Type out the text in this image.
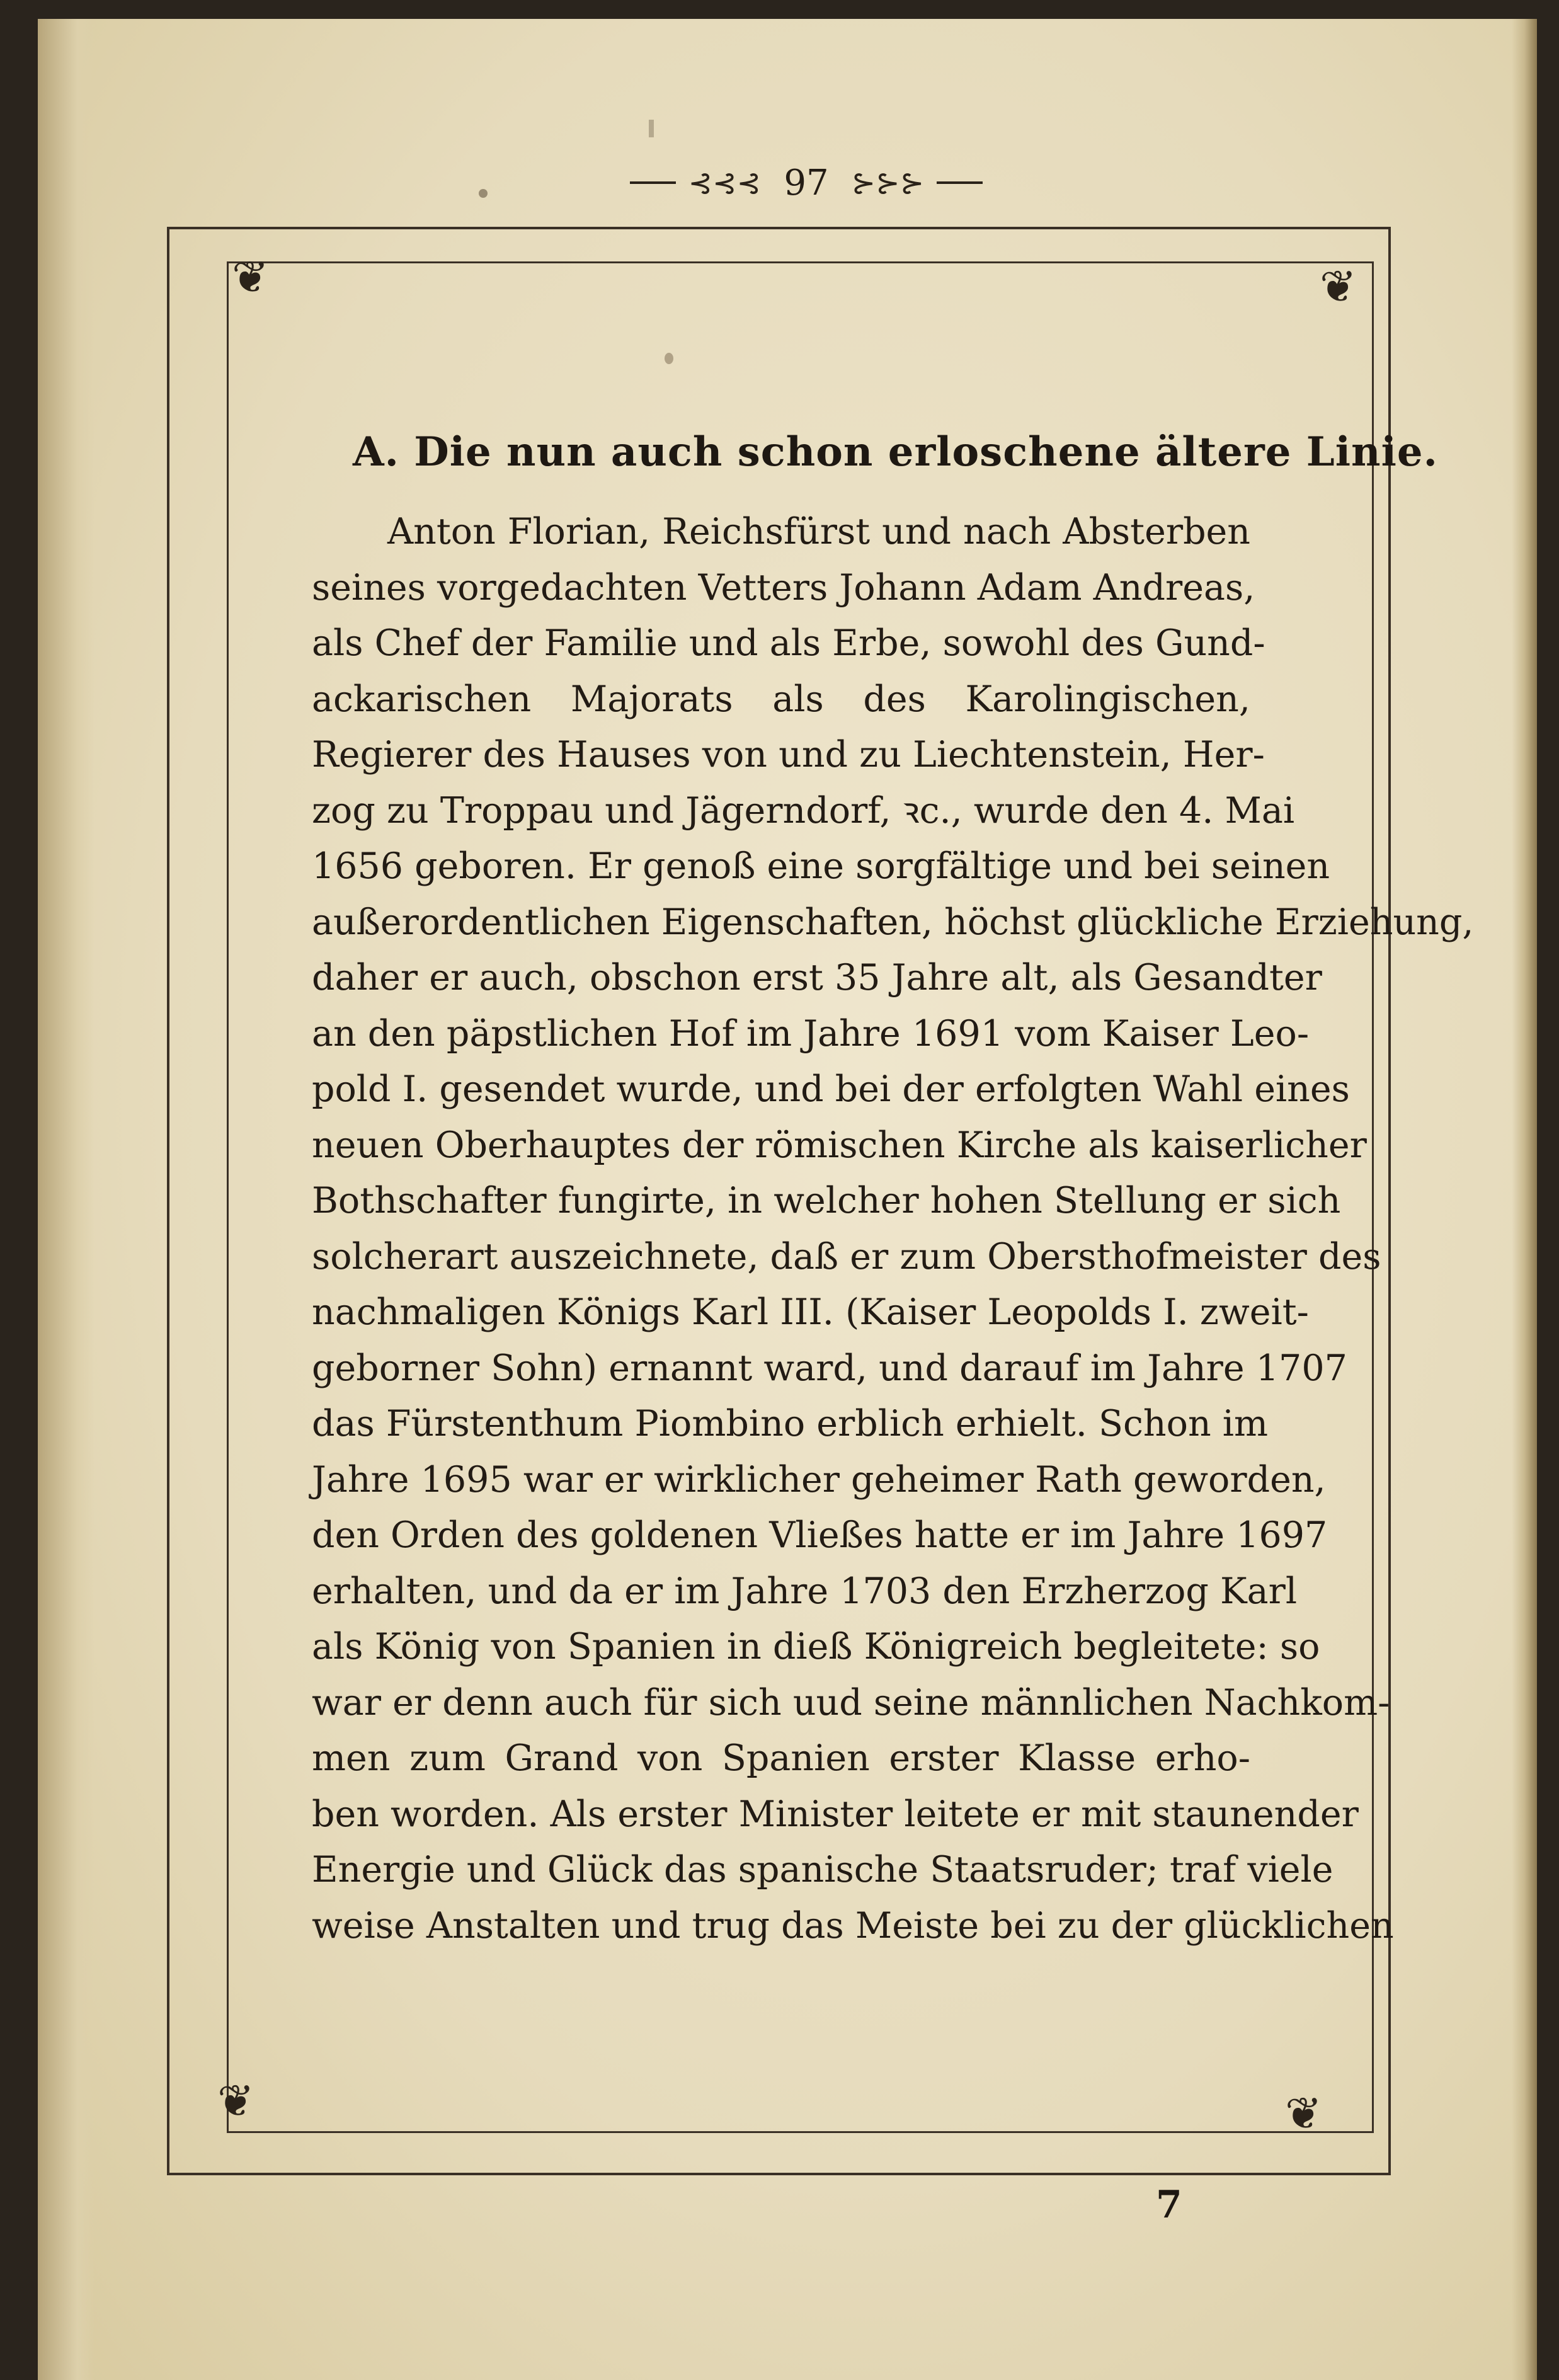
⊰⊰⊰ 97 ⊱⊱⊱
❦	❦
❦	❦
A. Die nun auch schon erloschene ältere Linie.
Anton Florian, Reichsfürst und nach Absterben
seines vorgedachten Vetters Johann Adam Andreas,
als Chef der Familie und als Erbe, sowohl des Gund-
ackarischen Majorats als des Karolingischen,
Regierer des Hauses von und zu Liechtenstein, Her-
zog zu Troppau und Jägerndorf, ꝛc., wurde den 4. Mai
1656 geboren. Er genoß eine sorgfältige und bei seinen
außerordentlichen Eigenschaften, höchst glückliche Erziehung,
daher er auch, obschon erst 35 Jahre alt, als Gesandter
an den päpstlichen Hof im Jahre 1691 vom Kaiser Leo-
pold I. gesendet wurde, und bei der erfolgten Wahl eines
neuen Oberhauptes der römischen Kirche als kaiserlicher
Bothschafter fungirte, in welcher hohen Stellung er sich
solcherart auszeichnete, daß er zum Obersthofmeister des
nachmaligen Königs Karl III. (Kaiser Leopolds I. zweit-
geborner Sohn) ernannt ward, und darauf im Jahre 1707
das Fürstenthum Piombino erblich erhielt. Schon im
Jahre 1695 war er wirklicher geheimer Rath geworden,
den Orden des goldenen Vließes hatte er im Jahre 1697
erhalten, und da er im Jahre 1703 den Erzherzog Karl
als König von Spanien in dieß Königreich begleitete: so
war er denn auch für sich uud seine männlichen Nachkom-
men zum Grand von Spanien erster Klasse erho-
ben worden. Als erster Minister leitete er mit staunender
Energie und Glück das spanische Staatsruder; traf viele
weise Anstalten und trug das Meiste bei zu der glücklichen
7
